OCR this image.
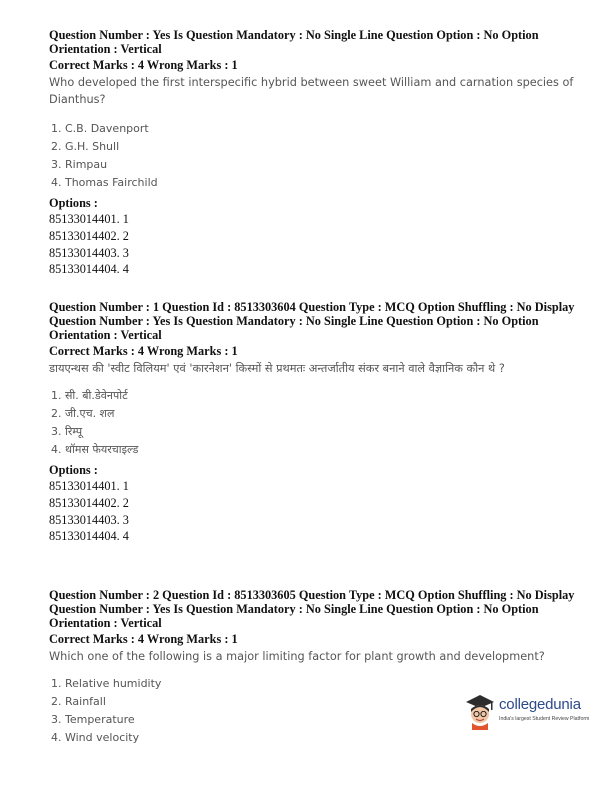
Question Number : Yes Is Question Mandatory : No Single Line Question Option : No Option
Orientation : Vertical
Correct Marks : 4 Wrong Marks : 1
Who developed the first interspecific hybrid between sweet William and carnation species of Dianthus?
1. C.B. Davenport
2. G.H. Shull
3. Rimpau
4. Thomas Fairchild
Options :
85133014401. 1
85133014402. 2
85133014403. 3
85133014404. 4
Question Number : 1 Question Id : 8513303604 Question Type : MCQ Option Shuffling : No Display
Question Number : Yes Is Question Mandatory : No Single Line Question Option : No Option
Orientation : Vertical
Correct Marks : 4 Wrong Marks : 1
डायएन्थस की 'स्वीट विलियम' एवं 'कारनेशन' किस्मों से प्रथमतः अन्तर्जातीय संकर बनाने वाले वैज्ञानिक कौन थे ?
1. सी. बी.डेवेनपोर्ट
2. जी.एच. शल
3. रिम्पू
4. थॉमस फेयरचाइल्ड
Options :
85133014401. 1
85133014402. 2
85133014403. 3
85133014404. 4
Question Number : 2 Question Id : 8513303605 Question Type : MCQ Option Shuffling : No Display
Question Number : Yes Is Question Mandatory : No Single Line Question Option : No Option
Orientation : Vertical
Correct Marks : 4 Wrong Marks : 1
Which one of the following is a major limiting factor for plant growth and development?
1. Relative humidity
2. Rainfall
3. Temperature
4. Wind velocity
collegedunia
India's largest Student Review Platform
